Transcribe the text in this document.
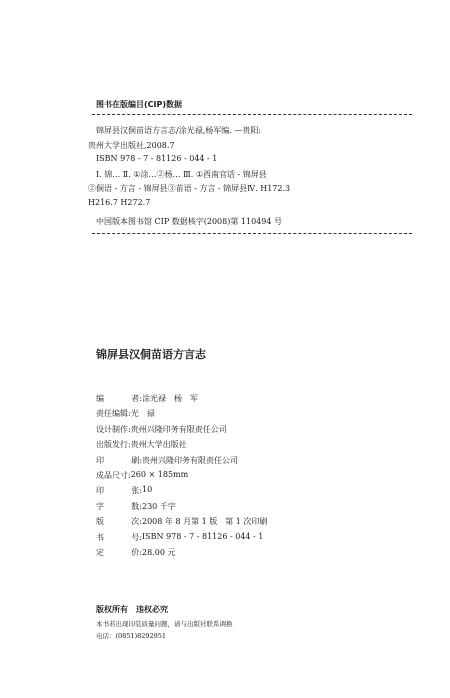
图书在版编目(CIP)数据
锦屏县汉侗苗语方言志/涂光禄,杨军编. —贵阳:
贵州大学出版社,2008.7
ISBN 978 - 7 - 81126 - 044 - 1
Ⅰ. 锦… Ⅱ. ①涂…②杨… Ⅲ. ①西南官话 - 锦屏县
②侗语 - 方言 - 锦屏县③苗语 - 方言 - 锦屏县Ⅳ. H172.3
H216.7 H272.7
中国版本图书馆 CIP 数据核字(2008)第 110494 号
锦屏县汉侗苗语方言志
编	者: 涂光禄　杨　军
责任编辑: 光　禄
设计制作: 贵州兴隆印务有限责任公司
出版发行: 贵州大学出版社
印	刷: 贵州兴隆印务有限责任公司
成品尺寸: 260 × 185mm
印	张: 10
字	数: 230 千字
版	次: 2008 年 8 月第 1 版　第 1 次印刷
书	号: ISBN 978 - 7 - 81126 - 044 - 1
定	价: 28.00 元
版权所有　违权必究
本书若出现印装质量问题，请与出版社联系调换
电话：(0851)8292951
